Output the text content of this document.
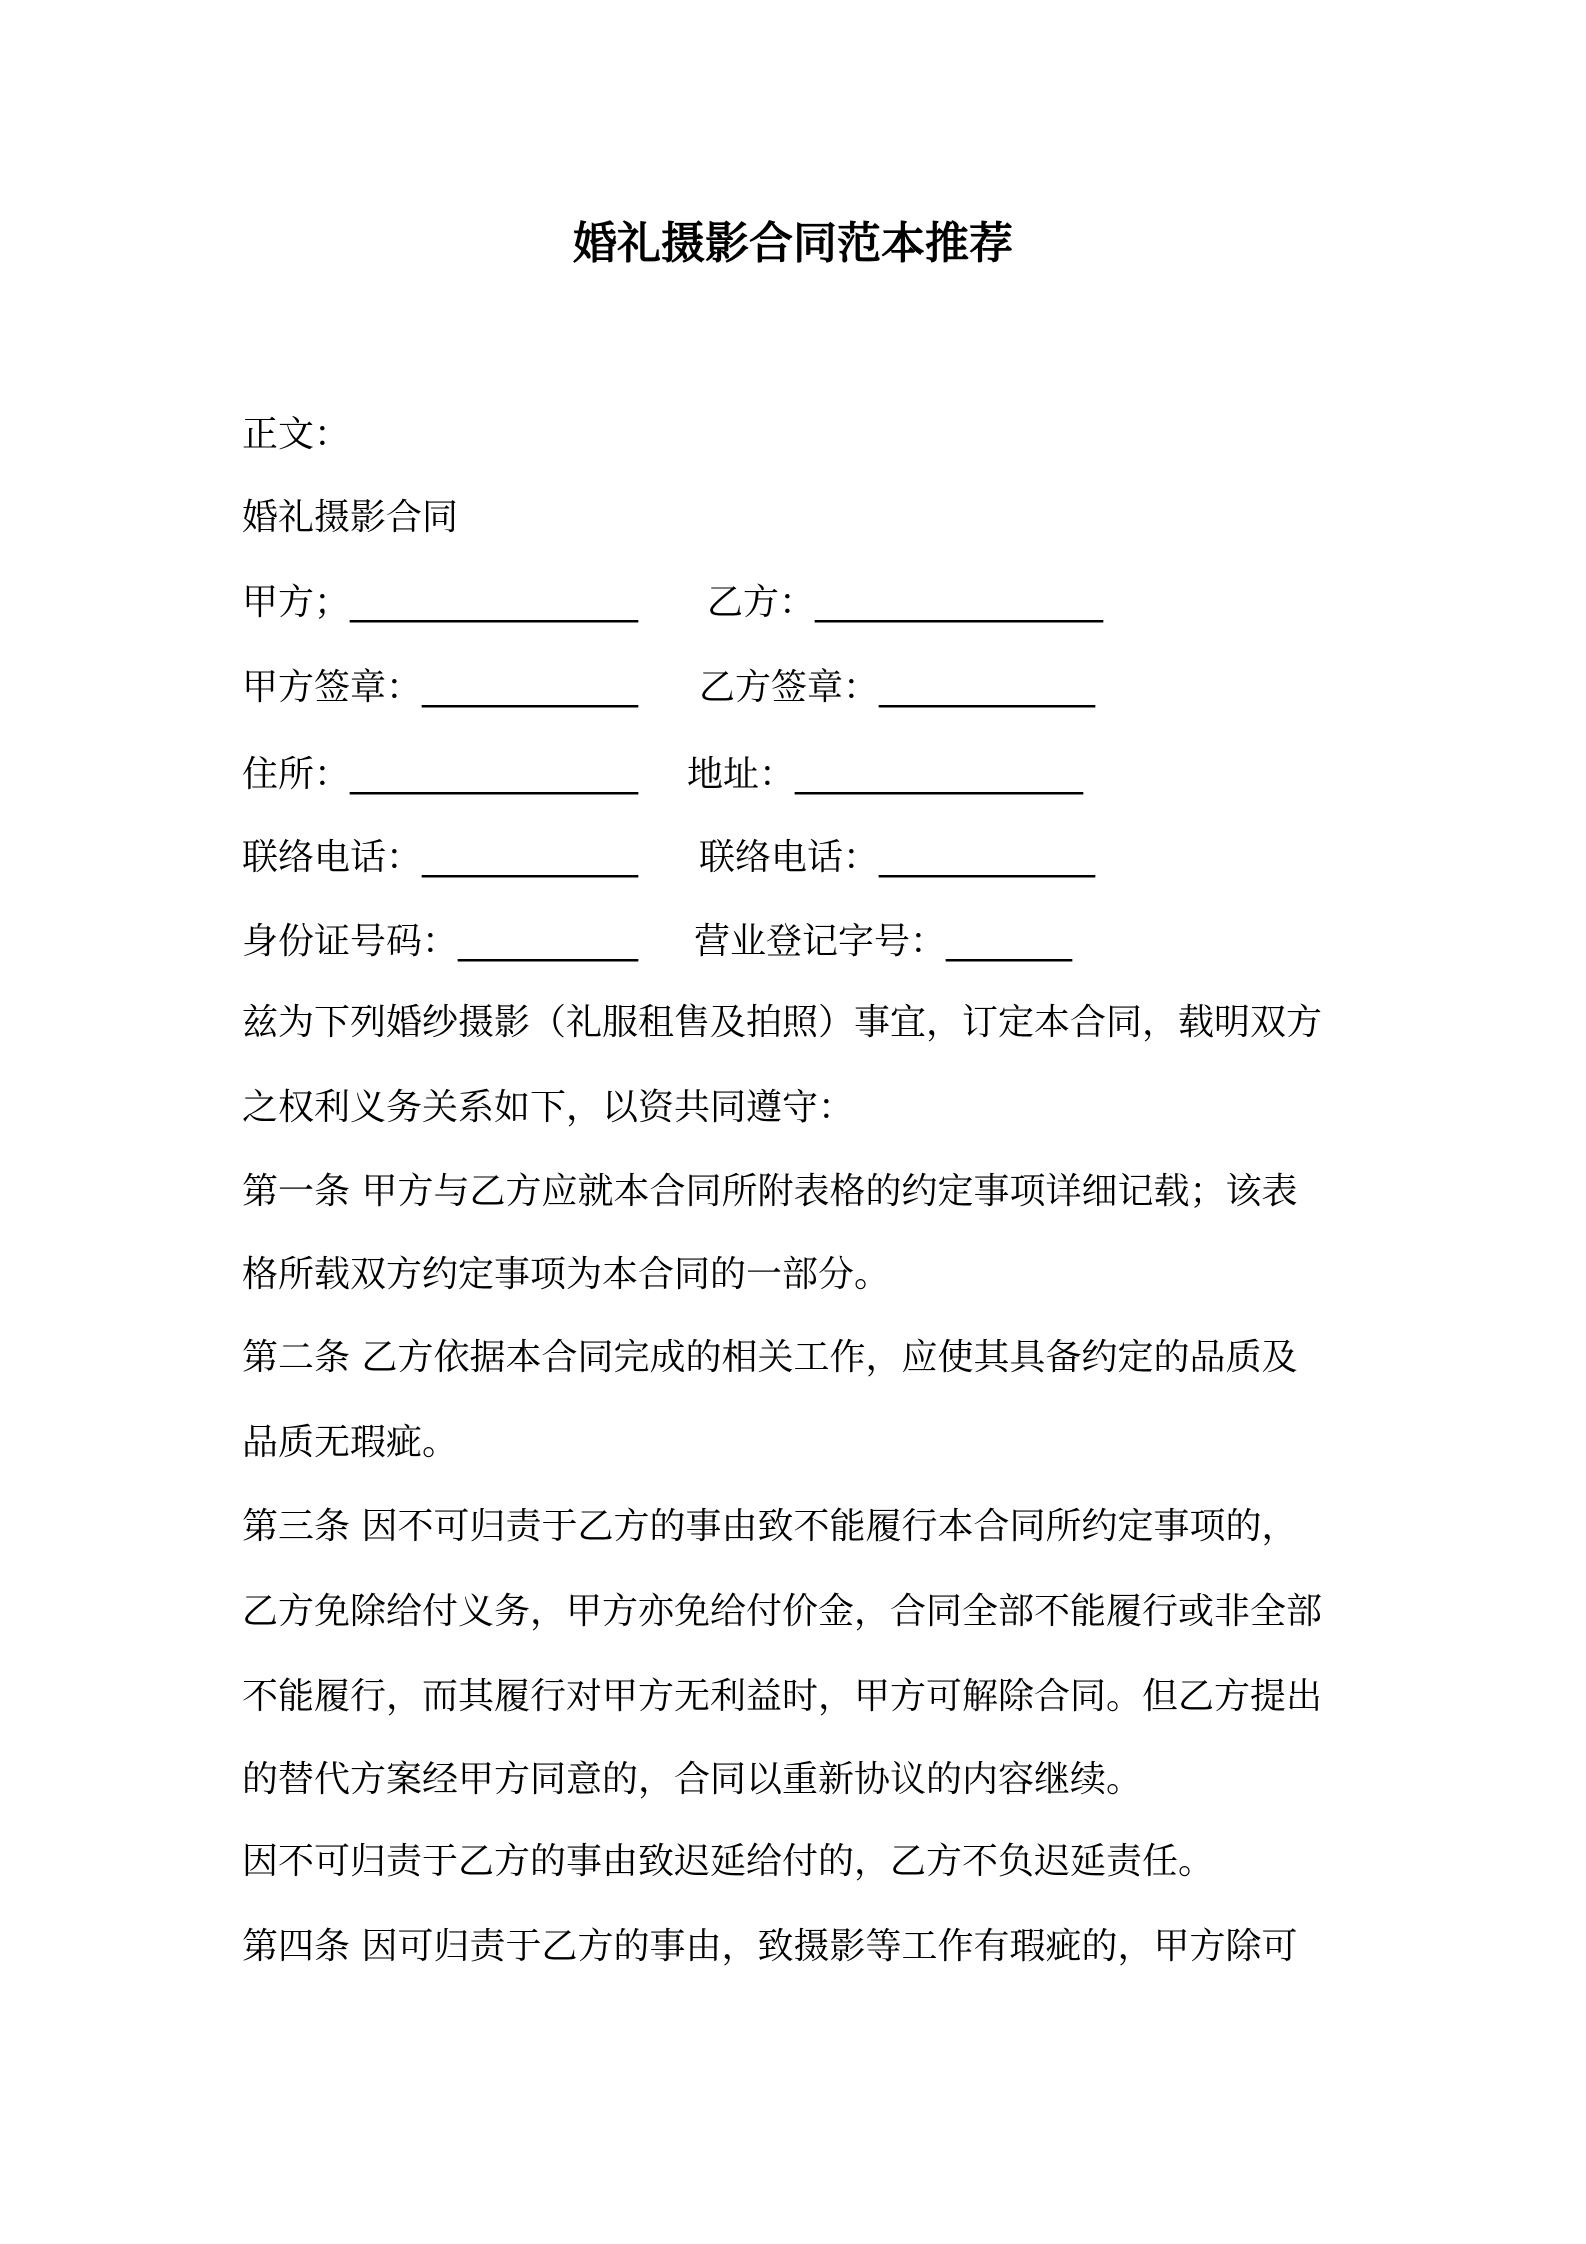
婚礼摄影合同范本推荐

正文：

婚礼摄影合同

甲方；________________ 乙方：________________
甲方签章：____________ 乙方签章：____________
住所：________________ 地址：________________
联络电话：____________ 联络电话：____________
身份证号码：__________ 营业登记字号：_______

兹为下列婚纱摄影（礼服租售及拍照）事宜，订定本合同，载明双方

之权利义务关系如下，以资共同遵守：

第一条 甲方与乙方应就本合同所附表格的约定事项详细记载；该表

格所载双方约定事项为本合同的一部分。

第二条 乙方依据本合同完成的相关工作，应使其具备约定的品质及

品质无瑕疵。

第三条 因不可归责于乙方的事由致不能履行本合同所约定事项的，

乙方免除给付义务，甲方亦免给付价金，合同全部不能履行或非全部

不能履行，而其履行对甲方无利益时，甲方可解除合同。但乙方提出

的替代方案经甲方同意的，合同以重新协议的内容继续。

因不可归责于乙方的事由致迟延给付的，乙方不负迟延责任。

第四条 因可归责于乙方的事由，致摄影等工作有瑕疵的，甲方除可
